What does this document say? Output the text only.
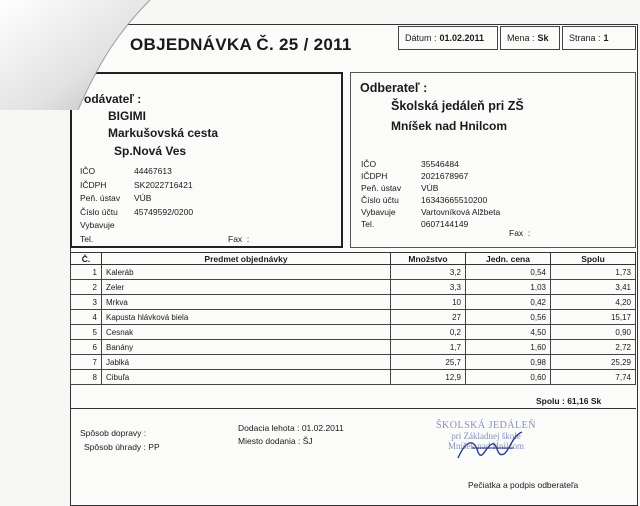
OBJEDNÁVKA Č. 25 / 2011	Dátum : 01.02.2011	Mena : Sk Strana : 1
odávateľ :
BIGIMI
Markušovská cesta
Sp.Nová Ves
IČO	44467613
IČDPH	SK2022716421
Peň. ústav VÚB
Číslo účtu 45749592/0200
Vybavuje
Tel.	Fax  :
Odberateľ :
Školská jedáleň pri ZŠ
Mníšek nad Hnilcom
IČO	35546484
IČDPH	2021678967
Peň. ústav VÚB
Číslo účtu	16343665510200
Vybavuje	Vartovníková Alžbeta
Tel.	0607144149
Fax  :
Č.	Predmet objednávky	Množstvo	Jedn. cena	Spolu
1	Kaleráb	3,2	0,54	1,73
2	Zeler	3,3	1,03	3,41
3	Mrkva	10	0,42	4,20
4	Kapusta hlávková biela	27	0,56	15,17
5	Cesnak	0,2	4,50	0,90
6	Banány	1,7	1,60	2,72
7	Jablká	25,7	0,98	25,29
8	Cibuľa	12,9	0,60	7,74
Spolu : 61,16 Sk
Spôsob dopravy :
Spôsob úhrady : PP
Dodacia lehota : 01.02.2011
Miesto dodania : ŠJ
ŠKOLSKÁ JEDÁLEŇ
pri Základnej škole
Mníšek nad Hnilcom
Pečiatka a podpis odberateľa
